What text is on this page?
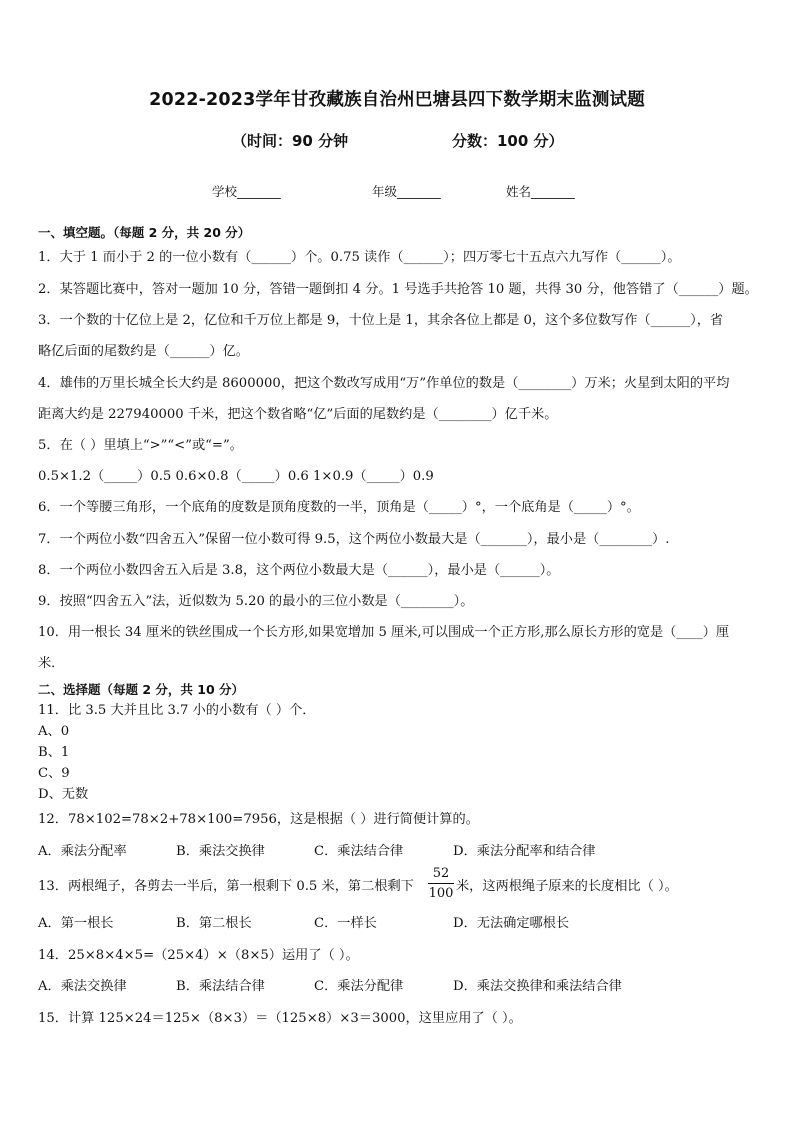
2022-2023学年甘孜藏族自治州巴塘县四下数学期末监测试题
（时间：90 分钟	分数：100 分）
学校_______	年级_______	姓名_______
一、填空题。（每题 2 分，共 20 分）
1．大于 1 而小于 2 的一位小数有（______）个。0.75 读作（______）；四万零七十五点六九写作（______）。
2．某答题比赛中，答对一题加 10 分，答错一题倒扣 4 分。1 号选手共抢答 10 题，共得 30 分，他答错了（______）题。
3．一个数的十亿位上是 2，亿位和千万位上都是 9，十位上是 1，其余各位上都是 0，这个多位数写作（______），省
略亿后面的尾数约是（______）亿。
4．雄伟的万里长城全长大约是 8600000，把这个数改写成用“万”作单位的数是（________）万米；火星到太阳的平均
距离大约是 227940000 千米，把这个数省略“亿”后面的尾数约是（________）亿千米。
5．在（ ）里填上“>”“<”或“=”。
0.5×1.2（_____）0.5 0.6×0.8（_____）0.6 1×0.9（_____）0.9
6．一个等腰三角形，一个底角的度数是顶角度数的一半，顶角是（_____）°，一个底角是（_____）°。
7．一个两位小数“四舍五入”保留一位小数可得 9.5，这个两位小数最大是（_______），最小是（________）.
8．一个两位小数四舍五入后是 3.8，这个两位小数最大是（______），最小是（______）。
9．按照“四舍五入”法，近似数为 5.20 的最小的三位小数是（________）。
10．用一根长 34 厘米的铁丝围成一个长方形,如果宽增加 5 厘米,可以围成一个正方形,那么原长方形的宽是（____）厘
米．
二、选择题（每题 2 分，共 10 分）
11．比 3.5 大并且比 3.7 小的小数有（ ）个．
A、0
B、1
C、9
D、无数
12．78×102=78×2+78×100=7956，这是根据（ ）进行简便计算的。
A．乘法分配率	B．乘法交换律	C．乘法结合律	D．乘法分配率和结合律
13．两根绳子，各剪去一半后，第一根剩下 0.5 米，第二根剩下
52
100 米，这两根绳子原来的长度相比（ ）。
A．第一根长	B．第二根长	C．一样长	D．无法确定哪根长
14．25×8×4×5=（25×4）×（8×5）运用了（ ）。
A．乘法交换律	B．乘法结合律	C．乘法分配律	D．乘法交换律和乘法结合律
15．计算 125×24＝125×（8×3）＝（125×8）×3＝3000，这里应用了（ ）。
